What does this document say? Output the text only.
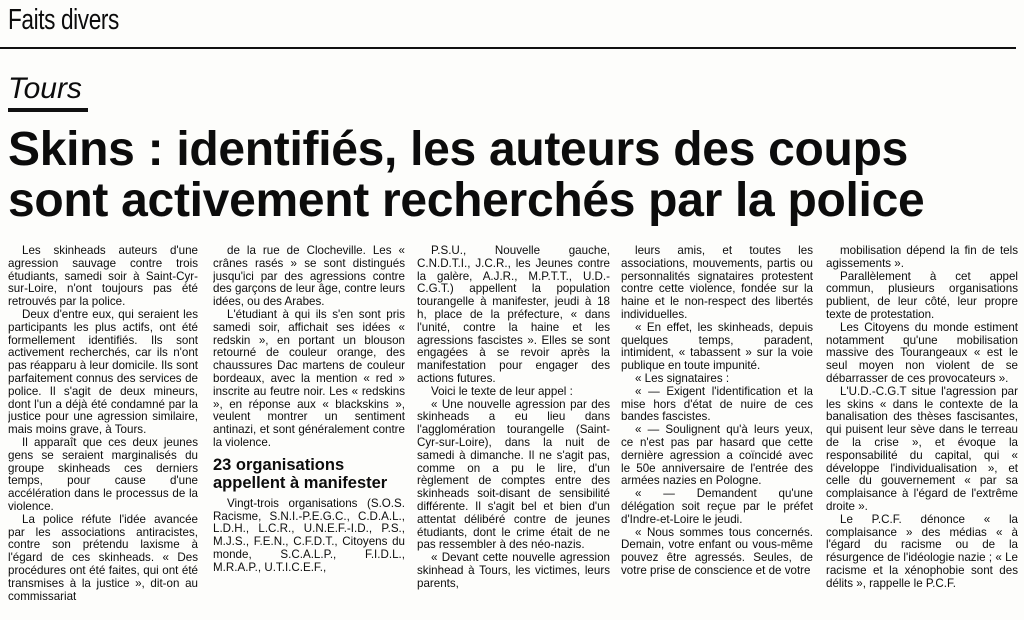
Faits divers
Tours
Skins : identifiés, les auteurs des coups
sont activement recherchés par la police

Les skinheads auteurs d'une agression sauvage contre trois étudiants, samedi soir à Saint-Cyr-sur-Loire, n'ont toujours pas été retrouvés par la police.

Deux d'entre eux, qui seraient les participants les plus actifs, ont été formellement identifiés. Ils sont activement recherchés, car ils n'ont pas réapparu à leur domicile. Ils sont parfaitement connus des services de police. Il s'agit de deux mineurs, dont l'un a déjà été condamné par la justice pour une agression similaire, mais moins grave, à Tours.

Il apparaît que ces deux jeunes gens se seraient marginalisés du groupe skinheads ces derniers temps, pour cause d'une accélération dans le processus de la violence.

La police réfute l'idée avancée par les associations antiracistes, contre son prétendu laxisme à l'égard de ces skinheads. « Des procédures ont été faites, qui ont été transmises à la justice », dit-on au commissariat

de la rue de Clocheville. Les « crânes rasés » se sont distingués jusqu'ici par des agressions contre des garçons de leur âge, contre leurs idées, ou des Arabes.

L'étudiant à qui ils s'en sont pris samedi soir, affichait ses idées « redskin », en portant un blouson retourné de couleur orange, des chaussures Dac martens de couleur bordeaux, avec la mention « red » inscrite au feutre noir. Les « redskins », en réponse aux « blackskins », veulent montrer un sentiment antinazi, et sont généralement contre la violence.

23 organisations
appellent à manifester

Vingt-trois organisations (S.O.S. Racisme, S.N.I.-P.E.G.C., C.D.A.L., L.D.H., L.C.R., U.N.E.F.-I.D., P.S., M.J.S., F.E.N., C.F.D.T., Citoyens du monde, S.C.A.L.P., F.I.D.L., M.R.A.P., U.T.I.C.E.F.,

P.S.U., Nouvelle gauche, C.N.D.T.I., J.C.R., les Jeunes contre la galère, A.J.R., M.P.T.T., U.D.-C.G.T.) appellent la population tourangelle à manifester, jeudi à 18 h, place de la préfecture, « dans l'unité, contre la haine et les agressions fascistes ». Elles se sont engagées à se revoir après la manifestation pour engager des actions futures.

Voici le texte de leur appel :

« Une nouvelle agression par des skinheads a eu lieu dans l'agglomération tourangelle (Saint-Cyr-sur-Loire), dans la nuit de samedi à dimanche. Il ne s'agit pas, comme on a pu le lire, d'un règlement de comptes entre des skinheads soit-disant de sensibilité différente. Il s'agit bel et bien d'un attentat délibéré contre de jeunes étudiants, dont le crime était de ne pas ressembler à des néo-nazis.

« Devant cette nouvelle agression skinhead à Tours, les victimes, leurs parents,

leurs amis, et toutes les associations, mouvements, partis ou personnalités signataires protestent contre cette violence, fondée sur la haine et le non-respect des libertés individuelles.

« En effet, les skinheads, depuis quelques temps, paradent, intimident, « tabassent » sur la voie publique en toute impunité.

« Les signataires :

« — Exigent l'identification et la mise hors d'état de nuire de ces bandes fascistes.

« — Soulignent qu'à leurs yeux, ce n'est pas par hasard que cette dernière agression a coïncidé avec le 50e anniversaire de l'entrée des armées nazies en Pologne.

« — Demandent qu'une délégation soit reçue par le préfet d'Indre-et-Loire le jeudi.

« Nous sommes tous concernés. Demain, votre enfant ou vous-même pouvez être agressés. Seules, de votre prise de conscience et de votre

mobilisation dépend la fin de tels agissements ».

Parallèlement à cet appel commun, plusieurs organisations publient, de leur côté, leur propre texte de protestation.

Les Citoyens du monde estiment notamment qu'une mobilisation massive des Tourangeaux « est le seul moyen non violent de se débarrasser de ces provocateurs ».

L'U.D.-C.G.T situe l'agression par les skins « dans le contexte de la banalisation des thèses fascisantes, qui puisent leur sève dans le terreau de la crise », et évoque la responsabilité du capital, qui « développe l'individualisation », et celle du gouvernement « par sa complaisance à l'égard de l'extrême droite ».

Le P.C.F. dénonce « la complaisance » des médias « à l'égard du racisme ou de la résurgence de l'idéologie nazie ; « Le racisme et la xénophobie sont des délits », rappelle le P.C.F.
